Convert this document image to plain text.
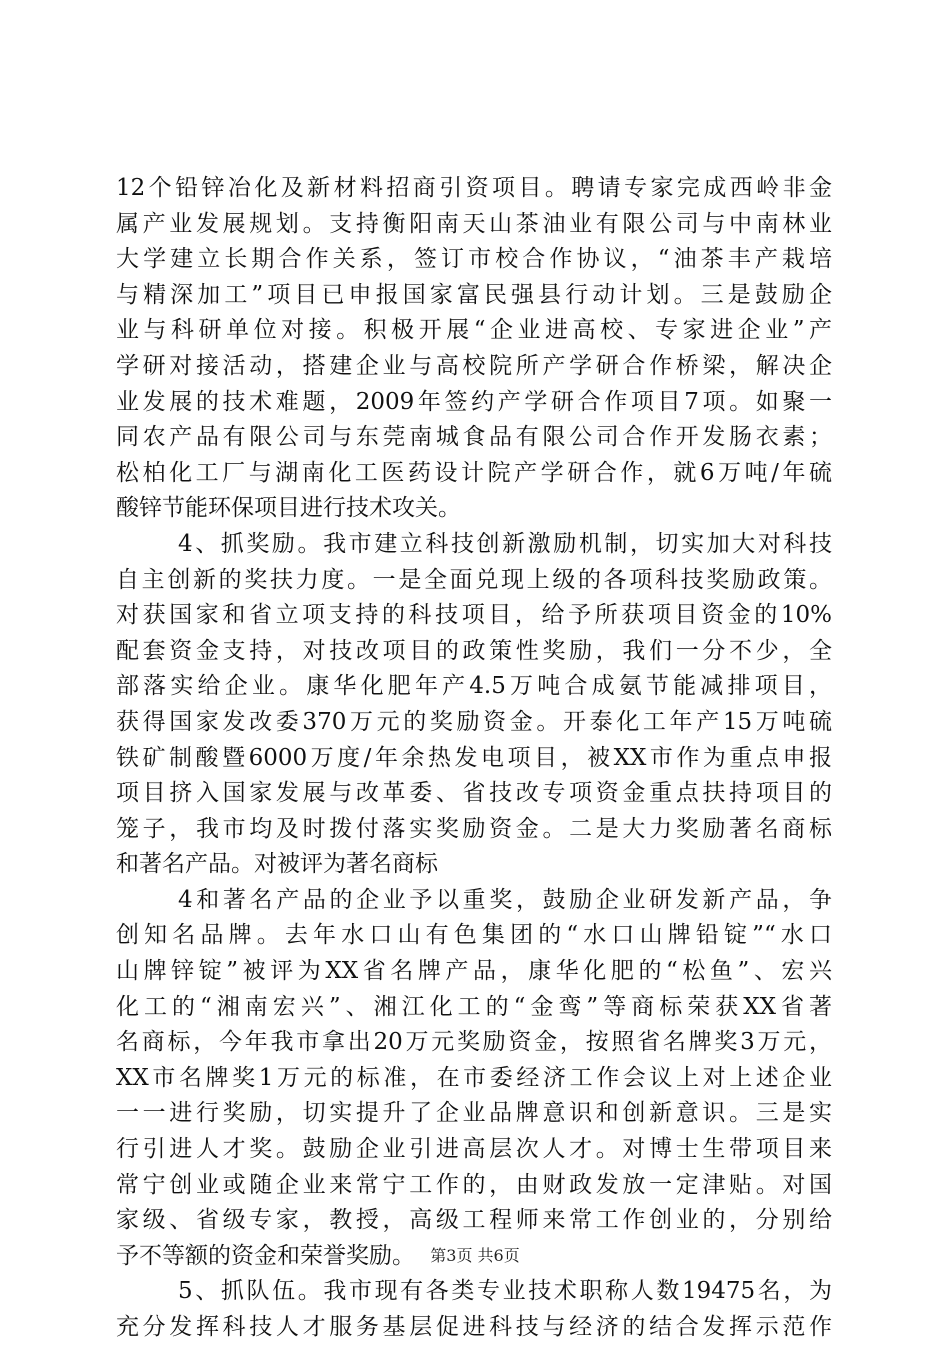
12个铅锌冶化及新材料招商引资项目。聘请专家完成西岭非金
属产业发展规划。支持衡阳南天山茶油业有限公司与中南林业
大学建立长期合作关系，签订市校合作协议，“油茶丰产栽培
与精深加工”项目已申报国家富民强县行动计划。三是鼓励企
业与科研单位对接。积极开展“企业进高校、专家进企业”产
学研对接活动，搭建企业与高校院所产学研合作桥梁，解决企
业发展的技术难题，2009年签约产学研合作项目7项。如聚一
同农产品有限公司与东莞南城食品有限公司合作开发肠衣素；
松柏化工厂与湖南化工医药设计院产学研合作，就6万吨/年硫
酸锌节能环保项目进行技术攻关。
4、抓奖励。我市建立科技创新激励机制，切实加大对科技
自主创新的奖扶力度。一是全面兑现上级的各项科技奖励政策。
对获国家和省立项支持的科技项目，给予所获项目资金的10%
配套资金支持，对技改项目的政策性奖励，我们一分不少，全
部落实给企业。康华化肥年产4.5万吨合成氨节能减排项目，
获得国家发改委370万元的奖励资金。开泰化工年产15万吨硫
铁矿制酸暨6000万度/年余热发电项目，被XX市作为重点申报
项目挤入国家发展与改革委、省技改专项资金重点扶持项目的
笼子，我市均及时拨付落实奖励资金。二是大力奖励著名商标
和著名产品。对被评为著名商标
4和著名产品的企业予以重奖，鼓励企业研发新产品，争
创知名品牌。去年水口山有色集团的“水口山牌铅锭”“水口
山牌锌锭”被评为XX省名牌产品，康华化肥的“松鱼”、宏兴
化工的“湘南宏兴”、湘江化工的“金鸾”等商标荣获XX省著
名商标，今年我市拿出20万元奖励资金，按照省名牌奖3万元，
XX市名牌奖1万元的标准，在市委经济工作会议上对上述企业
一一进行奖励，切实提升了企业品牌意识和创新意识。三是实
行引进人才奖。鼓励企业引进高层次人才。对博士生带项目来
常宁创业或随企业来常宁工作的，由财政发放一定津贴。对国
家级、省级专家，教授，高级工程师来常工作创业的，分别给
予不等额的资金和荣誉奖励。
5、抓队伍。我市现有各类专业技术职称人数19475名，为
充分发挥科技人才服务基层促进科技与经济的结合发挥示范作
第3页 共6页
